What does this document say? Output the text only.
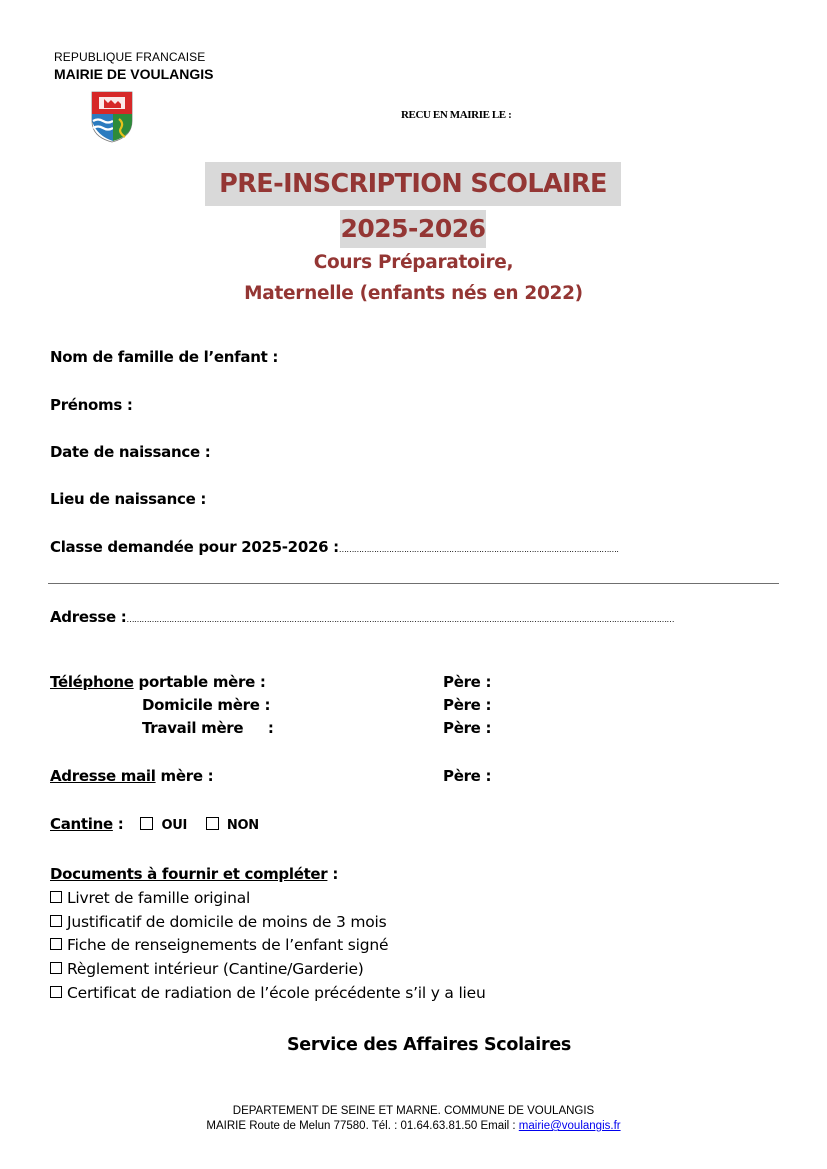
REPUBLIQUE FRANCAISE
MAIRIE DE VOULANGIS
RECU EN MAIRIE LE :
PRE-INSCRIPTION SCOLAIRE
2025-2026
Cours Préparatoire,
Maternelle (enfants nés en 2022)
Nom de famille de l’enfant :
Prénoms :
Date de naissance :
Lieu de naissance :
Classe demandée pour 2025-2026 :………………………………………………………………………………………………….
Adresse :…………………………………………………………………………………………………………………………………………………………………………………………………
Téléphone portable mère :	Père :
Domicile mère :	Père :
Travail mère     :	Père :
Adresse mail mère :	Père :
Cantine :	OUI	NON
Documents à fournir et compléter :
Livret de famille original
Justificatif de domicile de moins de 3 mois
Fiche de renseignements de l’enfant signé
Règlement intérieur (Cantine/Garderie)
Certificat de radiation de l’école précédente s’il y a lieu
Service des Affaires Scolaires
DEPARTEMENT DE SEINE ET MARNE. COMMUNE DE VOULANGIS
MAIRIE Route de Melun 77580. Tél. : 01.64.63.81.50 Email : mairie@voulangis.fr
